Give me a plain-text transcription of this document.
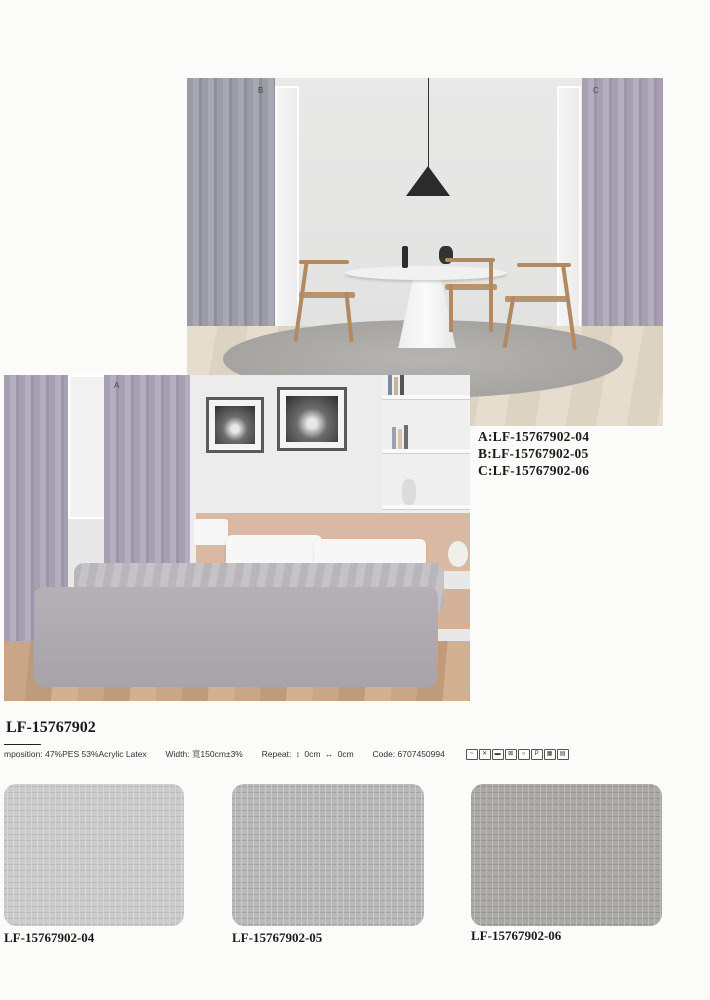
B	C
A:LF-15767902-04
B:LF-15767902-05
C:LF-15767902-06
A
LF-15767902
mposition: 47%PES 53%Acrylic Latex Width: 寬150cm±3% Repeat: ↕ 0cm ↔ 0cm Code: 6707450994	~ ✕ ▬ ⊠ ○ P ▦ ▤
LF-15767902-04	LF-15767902-05	LF-15767902-06
